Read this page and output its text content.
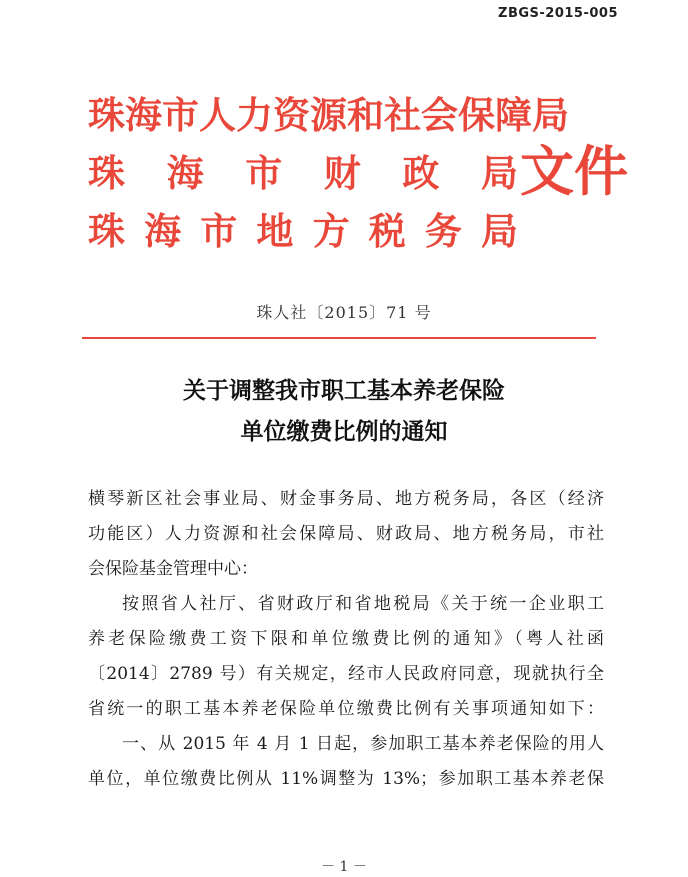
ZBGS-2015-005
珠海市人力资源和社会保障局
珠 海 市 财 政 局
珠 海 市 地 方 税 务 局
文件
珠人社〔2015〕71 号
关于调整我市职工基本养老保险
单位缴费比例的通知

横琴新区社会事业局、财金事务局、地方税务局，各区（经济

功能区）人力资源和社会保障局、财政局、地方税务局，市社

会保险基金管理中心：

按照省人社厅、省财政厅和省地税局《关于统一企业职工

养老保险缴费工资下限和单位缴费比例的通知》（粤人社函

〔2014〕2789 号）有关规定，经市人民政府同意，现就执行全

省统一的职工基本养老保险单位缴费比例有关事项通知如下：

一、从 2015 年 4 月 1 日起，参加职工基本养老保险的用人

单位，单位缴费比例从 11%调整为 13%；参加职工基本养老保

－ 1 －
